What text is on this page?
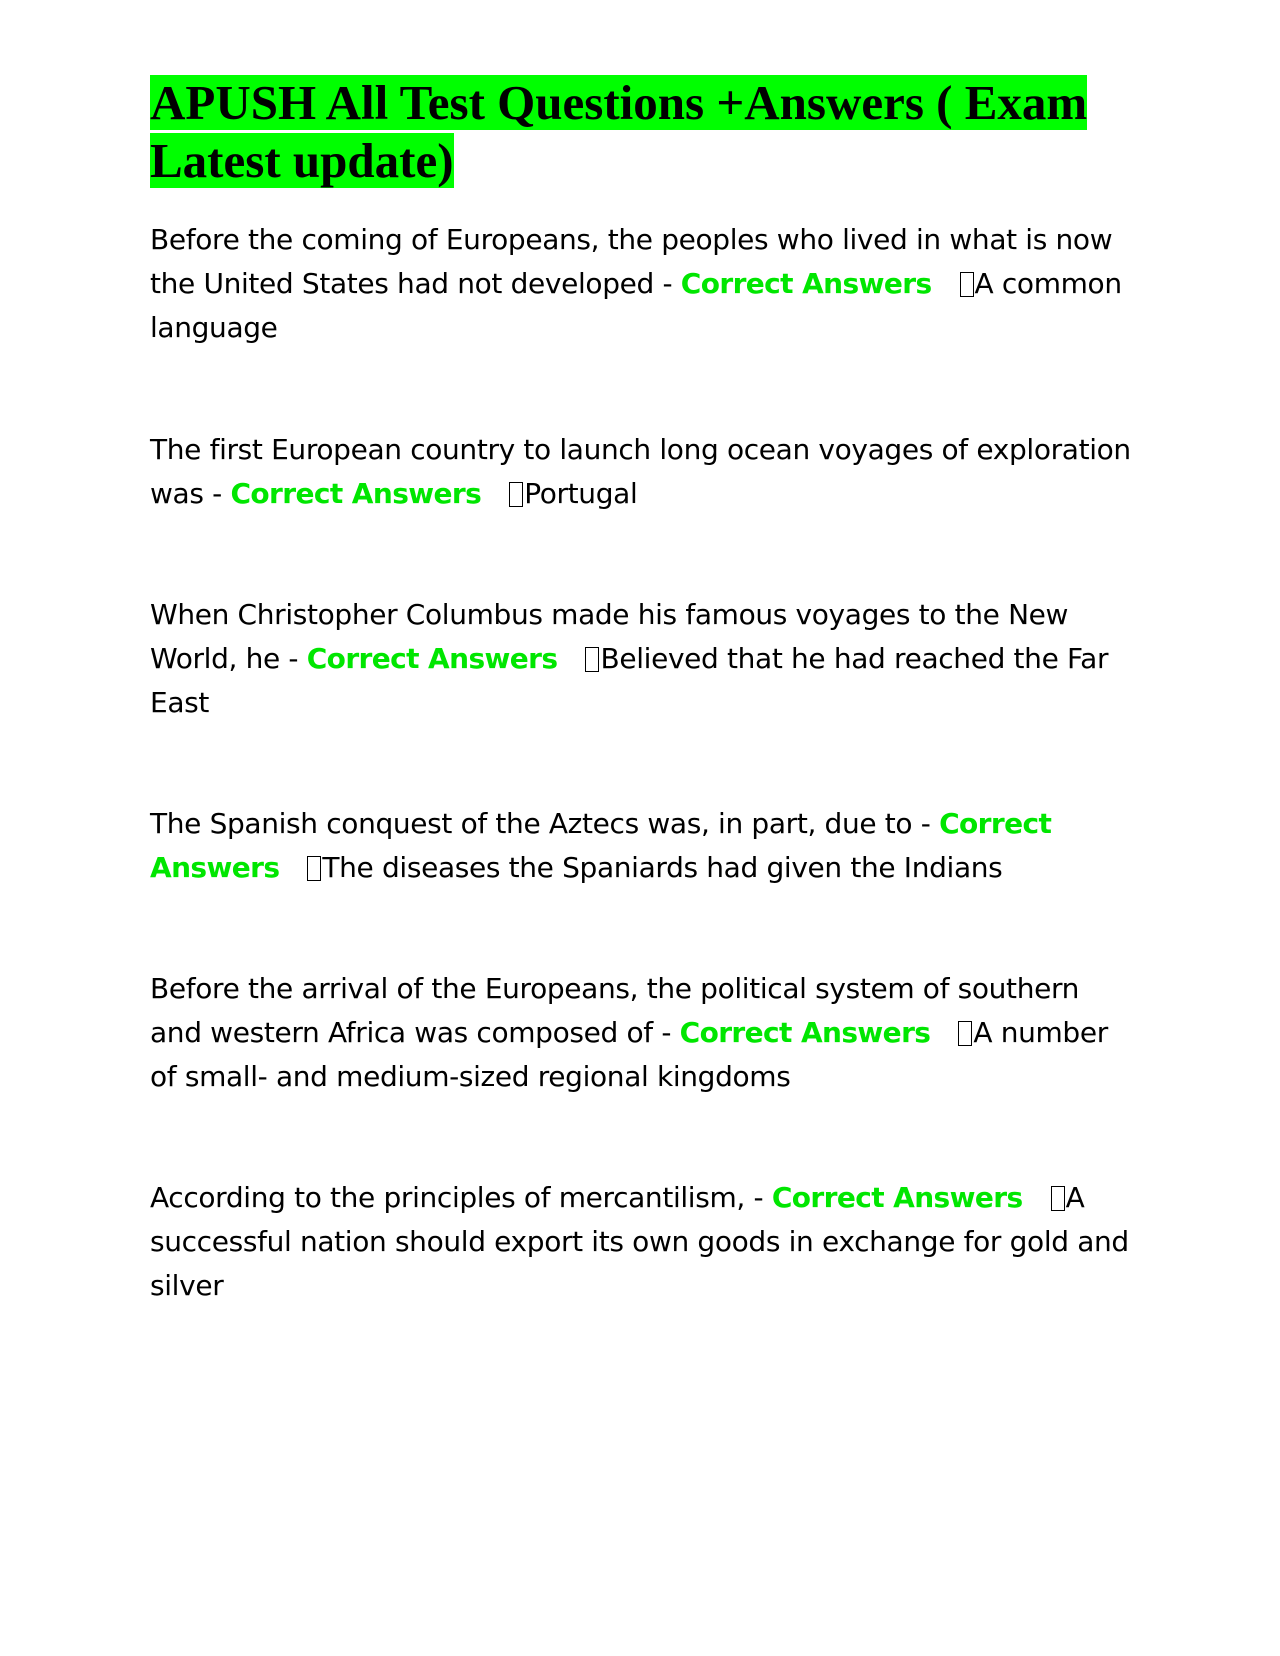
APUSH All Test Questions +Answers ( Exam Latest update)

Before the coming of Europeans, the peoples who lived in what is now the United States had not developed - Correct Answers A common language

The first European country to launch long ocean voyages of exploration was - Correct Answers Portugal

When Christopher Columbus made his famous voyages to the New World, he - Correct Answers Believed that he had reached the Far East

The Spanish conquest of the Aztecs was, in part, due to - Correct Answers The diseases the Spaniards had given the Indians

Before the arrival of the Europeans, the political system of southern and western Africa was composed of - Correct Answers A number of small- and medium-sized regional kingdoms

According to the principles of mercantilism, - Correct Answers A successful nation should export its own goods in exchange for gold and silver
